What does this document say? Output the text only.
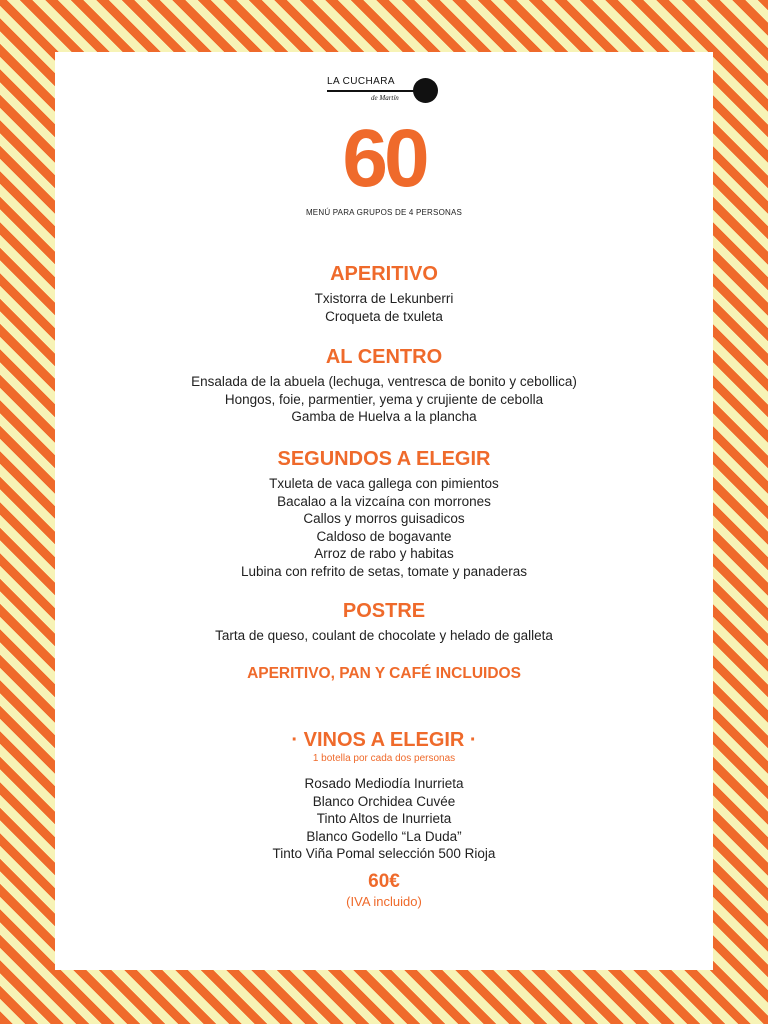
LA CUCHARA
de Martín
60
MENÚ PARA GRUPOS DE 4 PERSONAS
APERITIVO
Txistorra de Lekunberri
Croqueta de txuleta
AL CENTRO
Ensalada de la abuela (lechuga, ventresca de bonito y cebollica)
Hongos, foie, parmentier, yema y crujiente de cebolla
Gamba de Huelva a la plancha
SEGUNDOS A ELEGIR
Txuleta de vaca gallega con pimientos
Bacalao a la vizcaína con morrones
Callos y morros guisadicos
Caldoso de bogavante
Arroz de rabo y habitas
Lubina con refrito de setas, tomate y panaderas
POSTRE
Tarta de queso, coulant de chocolate y helado de galleta
APERITIVO, PAN Y CAFÉ INCLUIDOS
· VINOS A ELEGIR ·
1 botella por cada dos personas
Rosado Mediodía Inurrieta
Blanco Orchidea Cuvée
Tinto Altos de Inurrieta
Blanco Godello “La Duda”
Tinto Viña Pomal selección 500 Rioja
60€
(IVA incluido)
